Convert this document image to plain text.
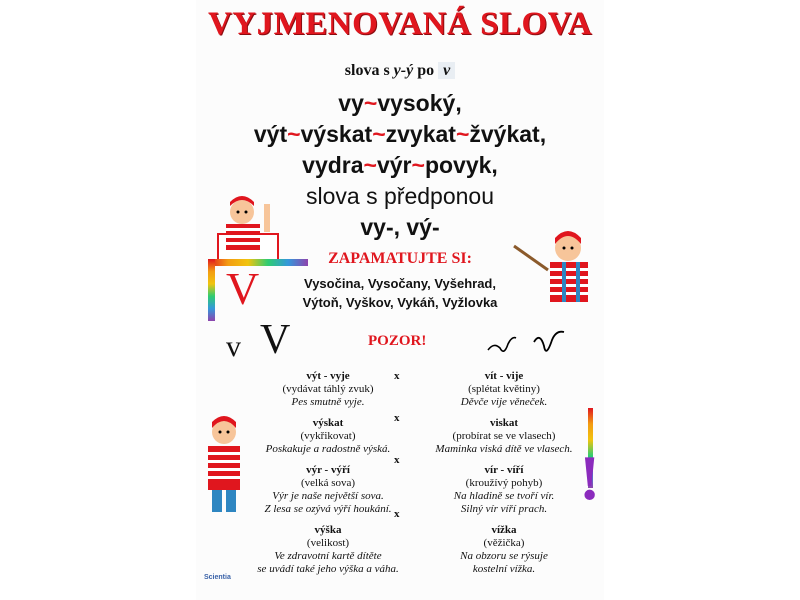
VYJMENOVANÁ SLOVA
slova s y-ý po v
vy~vysoký,
výt~výskat~zvykat~žvýkat,
vydra~výr~povyk,
slova s předponou
vy-, vý-
ZAPAMATUJTE SI:
Vysočina, Vysočany, Vyšehrad,
Výtoň, Vyškov, Vykáň, Vyžlovka
V
v V	POZOR!
výt - vyje
(vydávat táhlý zvuk)
Pes smutně vyje.
výskat
(vykřikovat)
Poskakuje a radostně výská.
výr - výří
(velká sova)
Výr je naše největší sova.
Z lesa se ozývá výří houkání.
výška
(velikost)
Ve zdravotní kartě dítěte
se uvádí také jeho výška a váha.
x
x
x
x
vít - vije
(splétat květiny)
Děvče vije věneček.
viskat
(probírat se ve vlasech)
Maminka viská dítě ve vlasech.
vír - víří
(kroužívý pohyb)
Na hladině se tvoří vír.
Silný vír víří prach.
vížka
(věžička)
Na obzoru se rýsuje
kostelní vížka.
!
Scientia
